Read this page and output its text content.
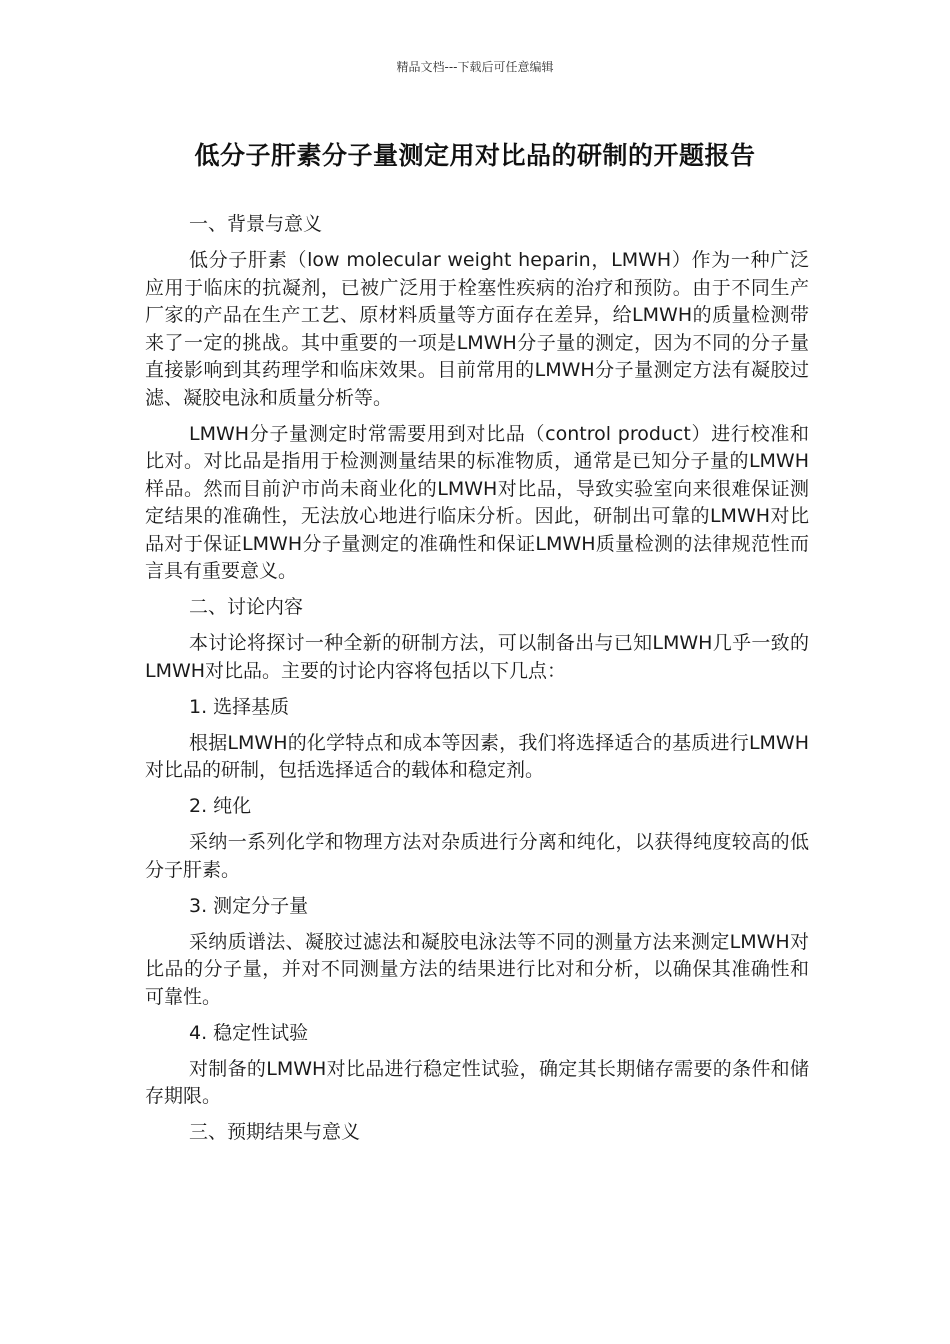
精品文档---下载后可任意编辑
低分子肝素分子量测定用对比品的研制的开题报告

一、背景与意义

低分子肝素（low molecular weight heparin，LMWH）作为一种广泛应用于临床的抗凝剂，已被广泛用于栓塞性疾病的治疗和预防。由于不同生产厂家的产品在生产工艺、原材料质量等方面存在差异，给LMWH的质量检测带来了一定的挑战。其中重要的一项是LMWH分子量的测定，因为不同的分子量直接影响到其药理学和临床效果。目前常用的LMWH分子量测定方法有凝胶过滤、凝胶电泳和质量分析等。

LMWH分子量测定时常需要用到对比品（control product）进行校准和比对。对比品是指用于检测测量结果的标准物质，通常是已知分子量的LMWH样品。然而目前沪市尚未商业化的LMWH对比品，导致实验室向来很难保证测定结果的准确性，无法放心地进行临床分析。因此，研制出可靠的LMWH对比品对于保证LMWH分子量测定的准确性和保证LMWH质量检测的法律规范性而言具有重要意义。

二、讨论内容

本讨论将探讨一种全新的研制方法，可以制备出与已知LMWH几乎一致的LMWH对比品。主要的讨论内容将包括以下几点：

1. 选择基质

根据LMWH的化学特点和成本等因素，我们将选择适合的基质进行LMWH对比品的研制，包括选择适合的载体和稳定剂。

2. 纯化

采纳一系列化学和物理方法对杂质进行分离和纯化，以获得纯度较高的低分子肝素。

3. 测定分子量

采纳质谱法、凝胶过滤法和凝胶电泳法等不同的测量方法来测定LMWH对比品的分子量，并对不同测量方法的结果进行比对和分析，以确保其准确性和可靠性。

4. 稳定性试验

对制备的LMWH对比品进行稳定性试验，确定其长期储存需要的条件和储存期限。

三、预期结果与意义
